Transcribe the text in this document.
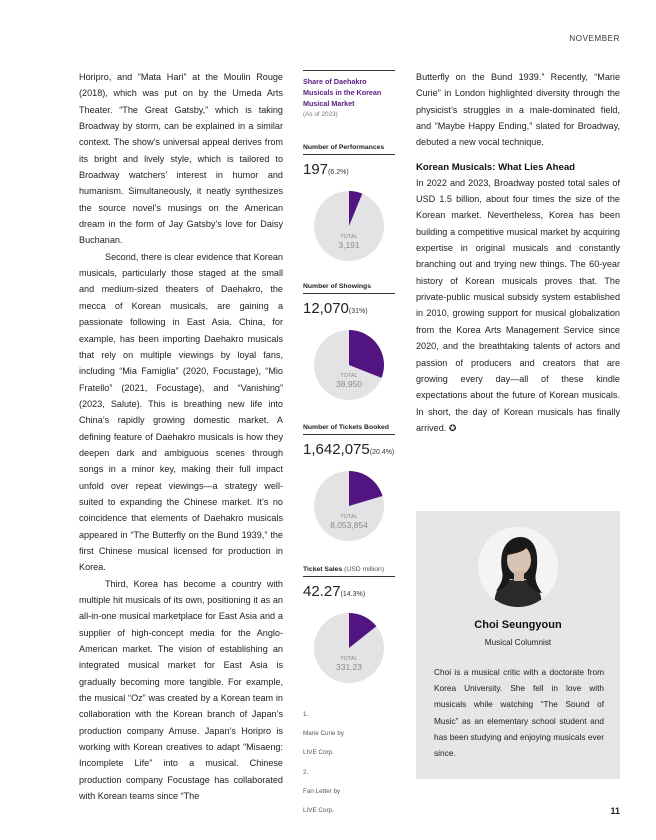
NOVEMBER

Horipro, and “Mata Hari” at the Moulin Rouge (2018), which was put on by the Umeda Arts Theater. “The Great Gatsby,” which is taking Broadway by storm, can be explained in a similar context. The show’s universal appeal derives from its bright and lively style, which is tailored to Broadway watchers’ interest in humor and humanism. Simultaneously, it neatly synthesizes the source novel’s musings on the American dream in the form of Jay Gatsby’s love for Daisy Buchanan.

Second, there is clear evidence that Korean musicals, particularly those staged at the small and medium-sized theaters of Daehakro, the mecca of Korean musicals, are gaining a passionate following in East Asia. China, for example, has been importing Daehakro musicals that rely on multiple viewings by loyal fans, including “Mia Famiglia” (2020, Focustage), “Mio Fratello” (2021, Focustage), and “Vanishing” (2023, Salute). This is breathing new life into China’s rapidly growing domestic market. A defining feature of Daehakro musicals is how they deepen dark and ambiguous scenes through songs in a minor key, making their full impact unfold over repeat viewings—a strategy well-suited to expanding the Chinese market. It’s no coincidence that elements of Daehakro musicals appeared in “The Butterfly on the Bund 1939,” the first Chinese musical licensed for production in Korea.

Third, Korea has become a country with multiple hit musicals of its own, positioning it as an all-in-one musical marketplace for East Asia and a supplier of high-concept media for the Anglo-American market. The vision of establishing an integrated musical market for East Asia is gradually becoming more tangible. For example, the musical “Oz” was created by a Korean team in collaboration with the Korean branch of Japan’s production company Amuse. Japan’s Horipro is working with Korean creatives to adapt “Misaeng: Incomplete Life” into a musical. Chinese production company Focustage has collaborated with Korean teams since “The

Share of Daehakro Musicals in the Korean Musical Market
(As of 2023)
Number of Performances
197(6.2%)
TOTAL
3,191
Number of Showings
12,070(31%)
TOTAL
38,950
Number of Tickets Booked
1,642,075(20.4%)
TOTAL
8,053,854
Ticket Sales (USD million)
42.27(14.3%)
TOTAL
331.23
1.
Marie Curie by
LIVE Corp.
2.
Fan Letter by
LIVE Corp.

Butterfly on the Bund 1939.” Recently, “Marie Curie” in London highlighted diversity through the physicist’s struggles in a male-dominated field, and “Maybe Happy Ending,” slated for Broadway, debuted a new vocal technique.

Korean Musicals: What Lies Ahead

In 2022 and 2023, Broadway posted total sales of USD 1.5 billion, about four times the size of the Korean market. Nevertheless, Korea has been building a competitive musical market by acquiring expertise in original musicals and constantly branching out and trying new things. The 60-year history of Korean musicals proves that. The private-public musical subsidy system established in 2010, growing support for musical globalization from the Korea Arts Management Service since 2020, and the breathtaking talents of actors and passion of producers and creators that are growing every day—all of these kindle expectations about the future of Korean musicals. In short, the day of Korean musicals has finally arrived. ✪

Choi Seungyoun
Musical Columnist
Choi is a musical critic with a doctorate from Korea University. She fell in love with musicals while watching “The Sound of Music” as an elementary school student and has been studying and enjoying musicals ever since.
11
